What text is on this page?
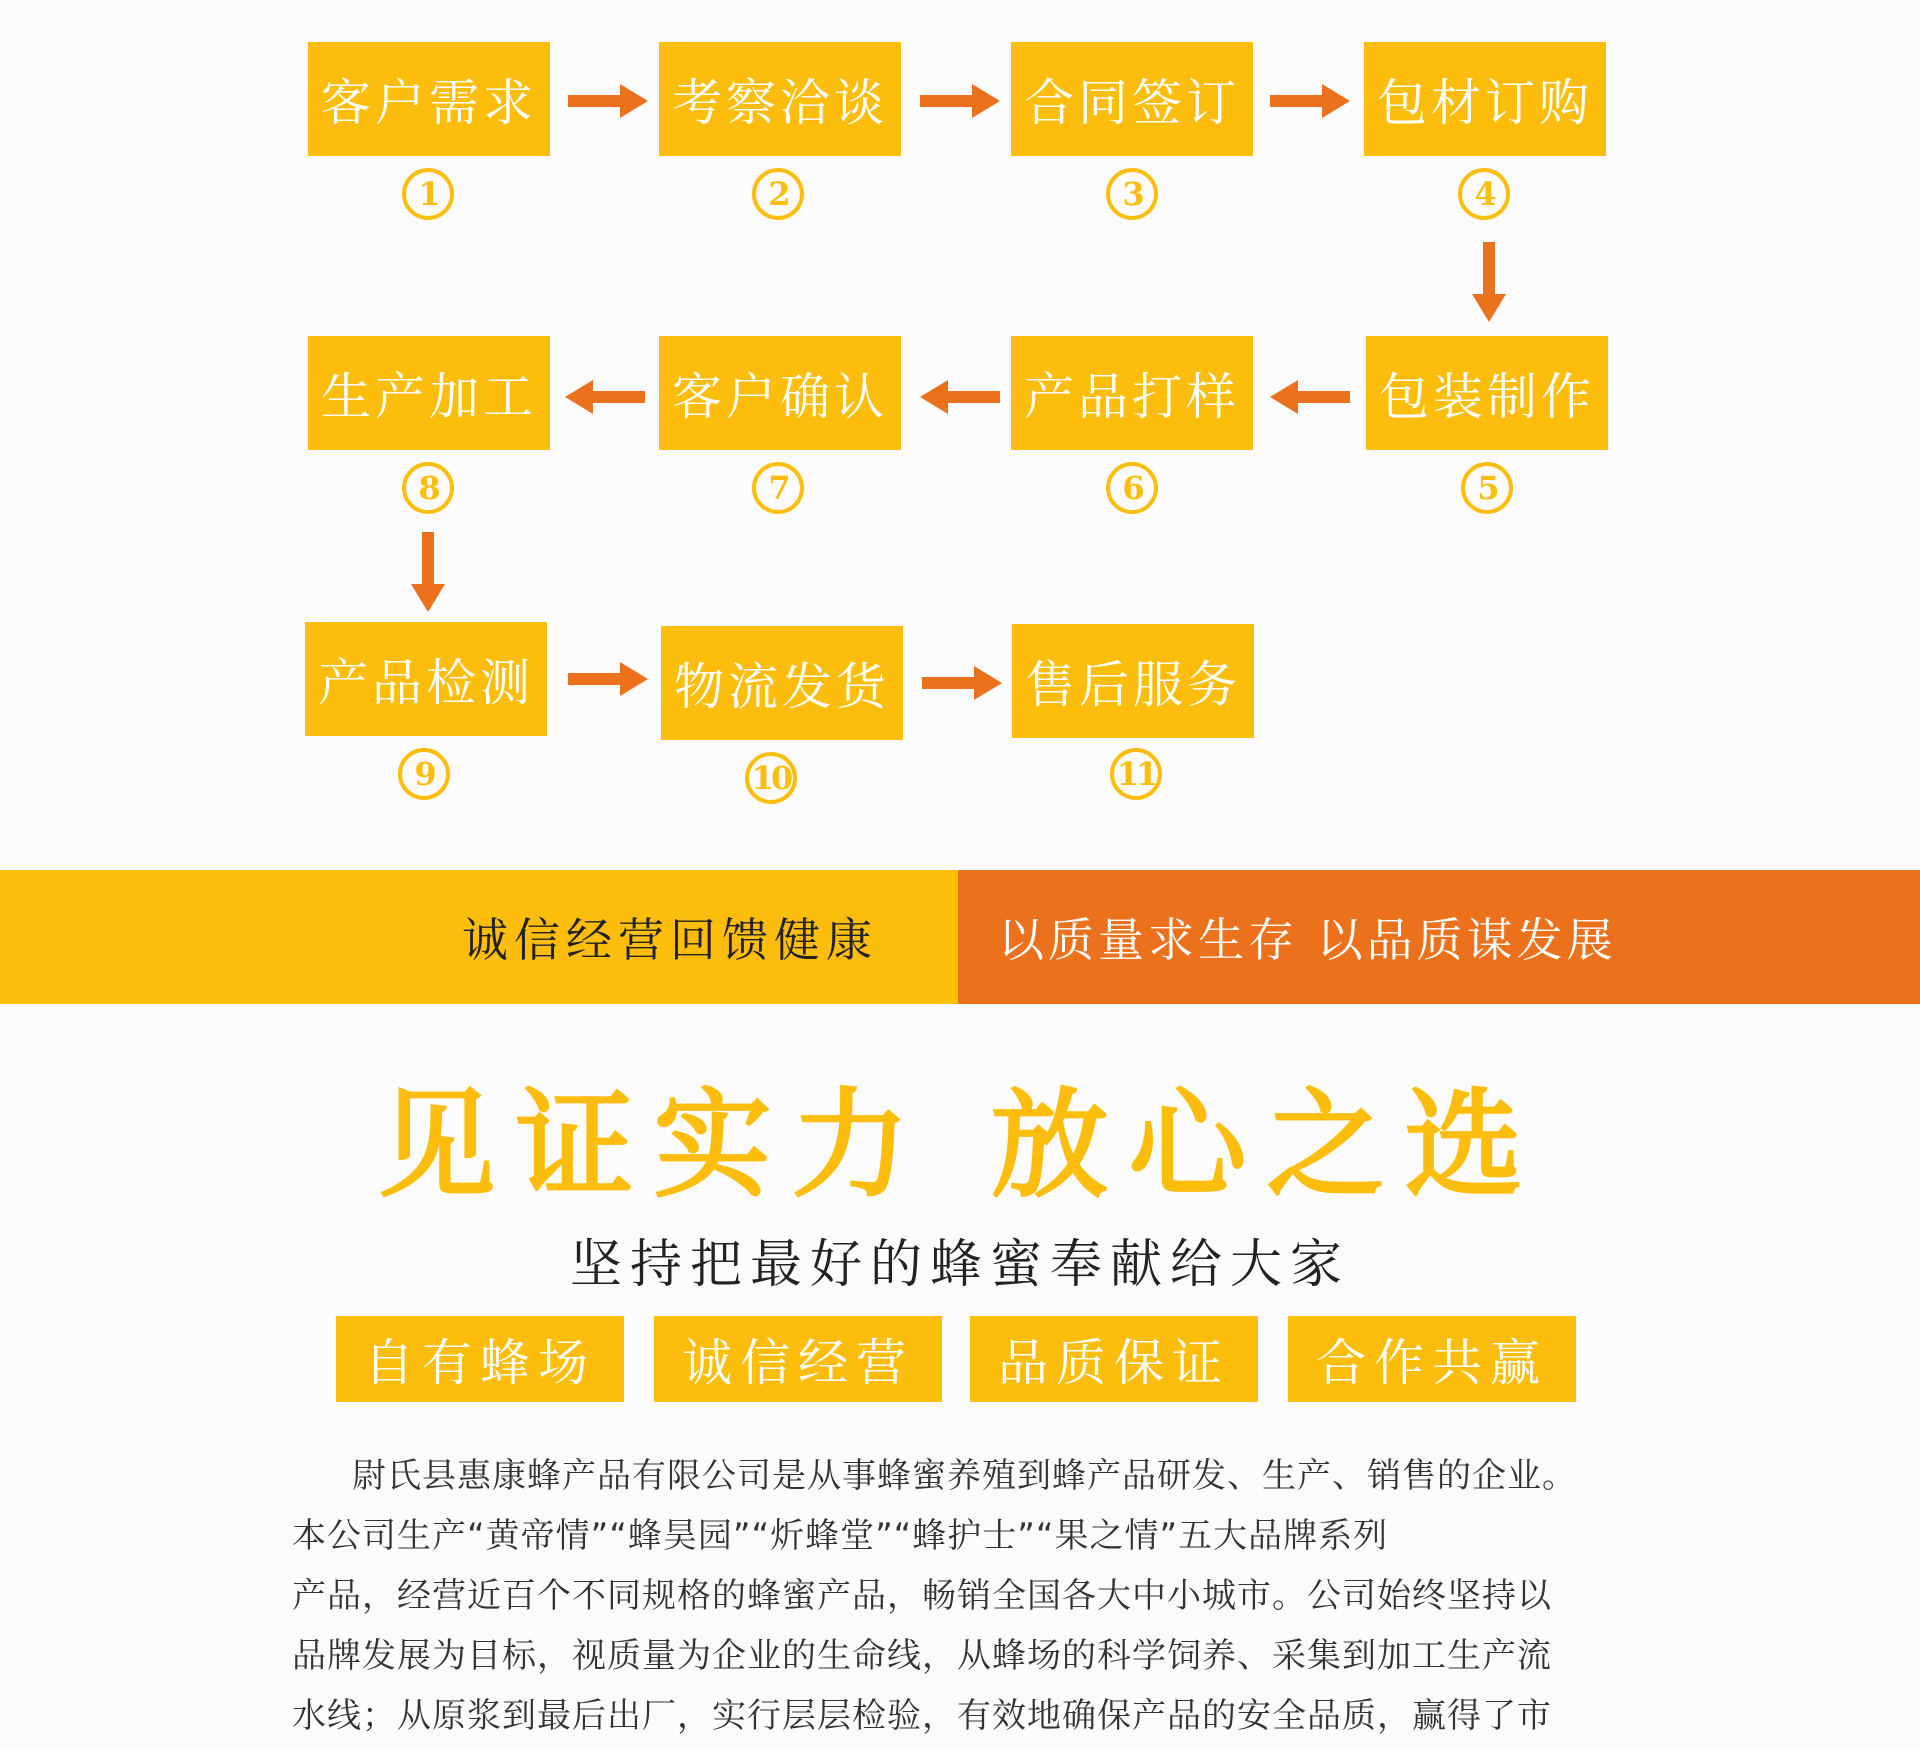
客户需求
1
考察洽谈
2
合同签订
3
包材订购
4
包装制作
5
产品打样
6
客户确认
7
生产加工
8
产品检测
9
物流发货
10
售后服务
11
诚信经营回馈健康	以质量求生存 以品质谋发展
见证实力 放心之选
坚持把最好的蜂蜜奉献给大家
自有蜂场	诚信经营	品质保证	合作共赢

尉氏县惠康蜂产品有限公司是从事蜂蜜养殖到蜂产品研发、生产、销售的企业。

本公司生产“黄帝情”“蜂昊园”“炘蜂堂”“蜂护士”“果之情”五大品牌系列

产品，经营近百个不同规格的蜂蜜产品，畅销全国各大中小城市。公司始终坚持以

品牌发展为目标，视质量为企业的生命线，从蜂场的科学饲养、采集到加工生产流

水线；从原浆到最后出厂，实行层层检验，有效地确保产品的安全品质，赢得了市
